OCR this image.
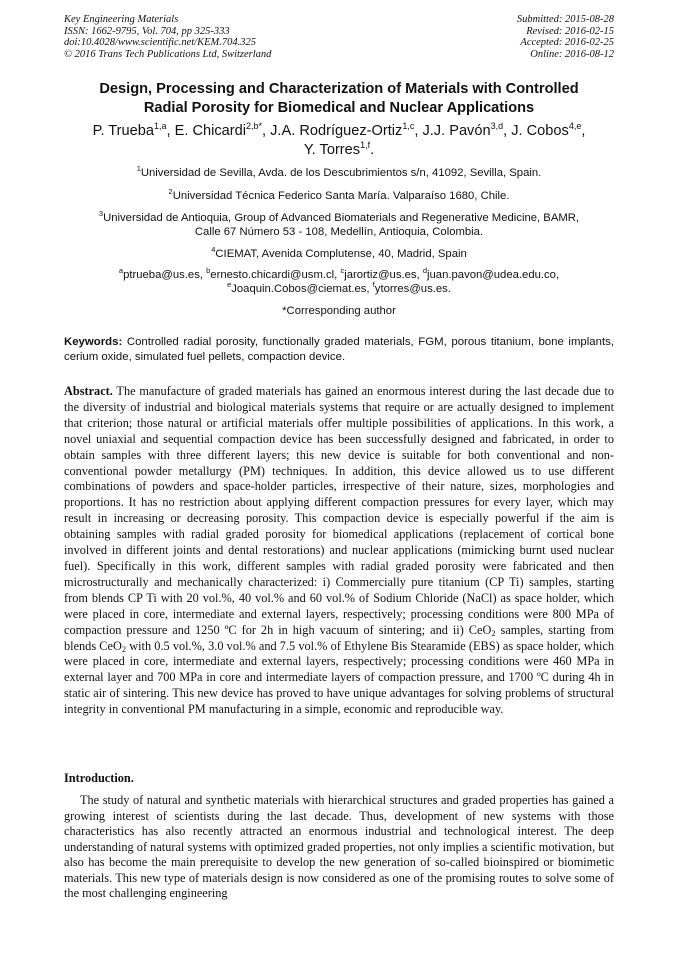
Key Engineering Materials
ISSN: 1662-9795, Vol. 704, pp 325-333
doi:10.4028/www.scientific.net/KEM.704.325
© 2016 Trans Tech Publications Ltd, Switzerland
Submitted: 2015-08-28
Revised: 2016-02-15
Accepted: 2016-02-25
Online: 2016-08-12
Design, Processing and Characterization of Materials with Controlled
Radial Porosity for Biomedical and Nuclear Applications
P. Trueba$^{1,a}$, E. Chicardi$^{2,b*}$, J.A. Rodríguez-Ortiz$^{1,c}$, J.J. Pavón$^{3,d}$, J. Cobos$^{4,e}$,
Y. Torres$^{1,f}$.
$^1$Universidad de Sevilla, Avda. de los Descubrimientos s/n, 41092, Sevilla, Spain.
$^2$Universidad Técnica Federico Santa María. Valparaíso 1680, Chile.
$^3$Universidad de Antioquia, Group of Advanced Biomaterials and Regenerative Medicine, BAMR,
Calle 67 Número 53 - 108, Medellín, Antioquia, Colombia.
$^4$CIEMAT, Avenida Complutense, 40, Madrid, Spain
$^a$ptrueba@us.es, $^b$ernesto.chicardi@usm.cl, $^c$jarortiz@us.es, $^d$juan.pavon@udea.edu.co,
$^e$Joaquin.Cobos@ciemat.es, $^f$ytorres@us.es.
*Corresponding author
Keywords: Controlled radial porosity, functionally graded materials, FGM, porous titanium, bone implants, cerium oxide, simulated fuel pellets, compaction device.
Abstract. The manufacture of graded materials has gained an enormous interest during the last decade due to the diversity of industrial and biological materials systems that require or are actually designed to implement that criterion; those natural or artificial materials offer multiple possibilities of applications. In this work, a novel uniaxial and sequential compaction device has been successfully designed and fabricated, in order to obtain samples with three different layers; this new device is suitable for both conventional and non-conventional powder metallurgy (PM) techniques. In addition, this device allowed us to use different combinations of powders and space-holder particles, irrespective of their nature, sizes, morphologies and proportions. It has no restriction about applying different compaction pressures for every layer, which may result in increasing or decreasing porosity. This compaction device is especially powerful if the aim is obtaining samples with radial graded porosity for biomedical applications (replacement of cortical bone involved in different joints and dental restorations) and nuclear applications (mimicking burnt used nuclear fuel). Specifically in this work, different samples with radial graded porosity were fabricated and then microstructurally and mechanically characterized: i) Commercially pure titanium (CP Ti) samples, starting from blends CP Ti with 20 vol.%, 40 vol.% and 60 vol.% of Sodium Chloride (NaCl) as space holder, which were placed in core, intermediate and external layers, respectively; processing conditions were 800 MPa of compaction pressure and 1250 ºC for 2h in high vacuum of sintering; and ii) CeO$_2$ samples, starting from blends CeO$_2$ with 0.5 vol.%, 3.0 vol.% and 7.5 vol.% of Ethylene Bis Stearamide (EBS) as space holder, which were placed in core, intermediate and external layers, respectively; processing conditions were 460 MPa in external layer and 700 MPa in core and intermediate layers of compaction pressure, and 1700 ºC during 4h in static air of sintering. This new device has proved to have unique advantages for solving problems of structural integrity in conventional PM manufacturing in a simple, economic and reproducible way.
Introduction.
The study of natural and synthetic materials with hierarchical structures and graded properties has gained a growing interest of scientists during the last decade. Thus, development of new systems with those characteristics has also recently attracted an enormous industrial and technological interest. The deep understanding of natural systems with optimized graded properties, not only implies a scientific motivation, but also has become the main prerequisite to develop the new generation of so-called bioinspired or biomimetic materials. This new type of materials design is now considered as one of the promising routes to solve some of the most challenging engineering
